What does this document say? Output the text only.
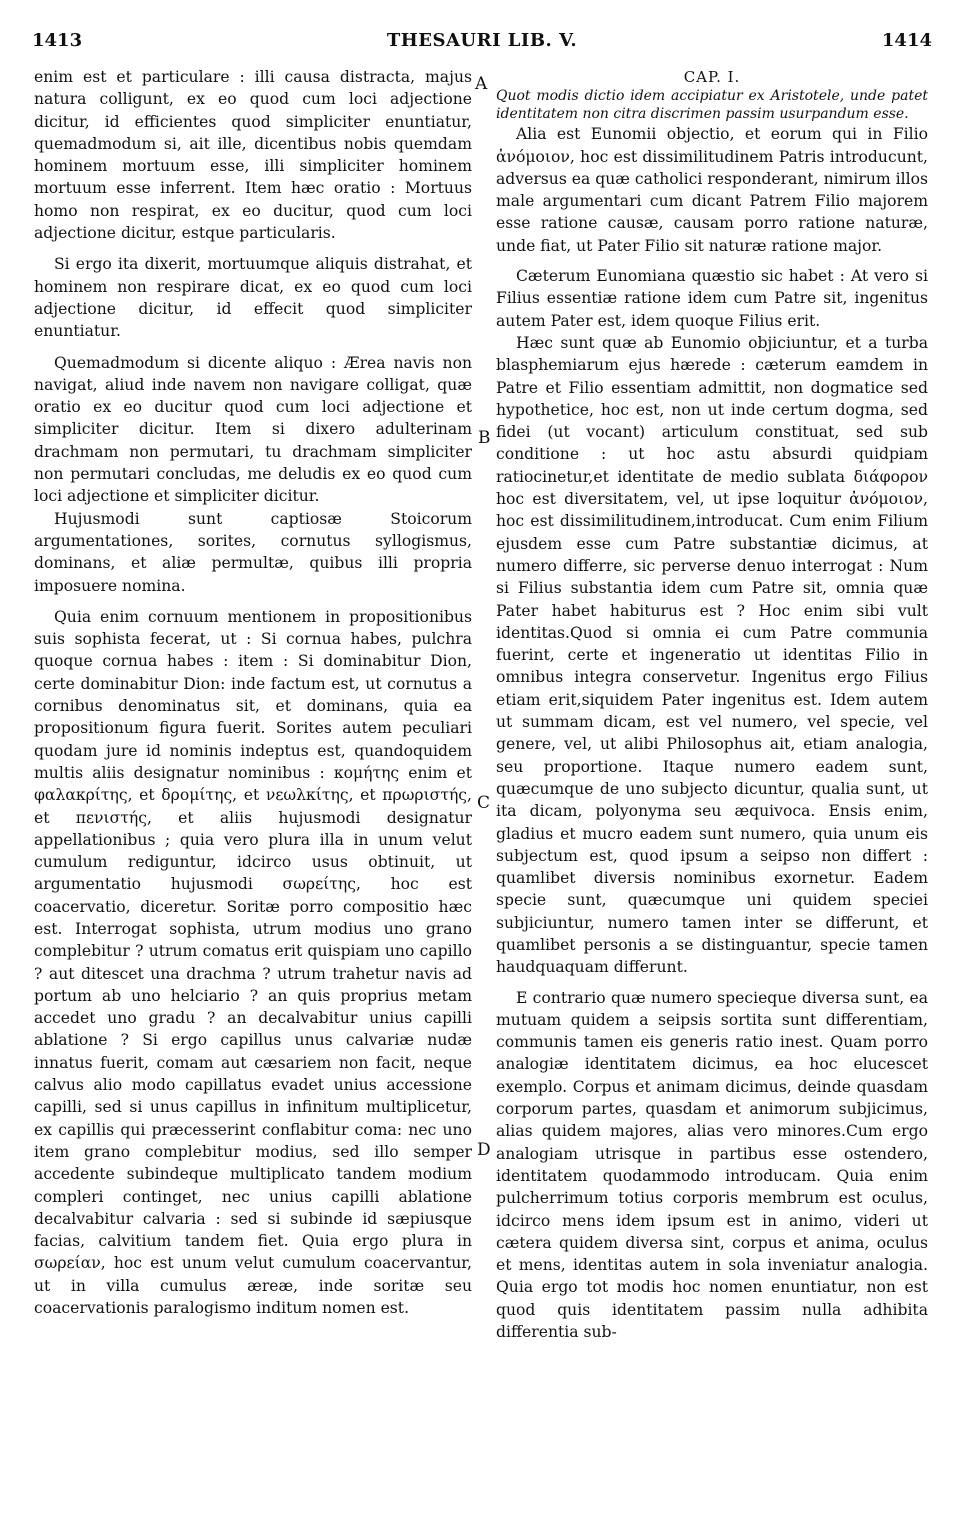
1413	THESAURI LIB. V.	1414
A
B
C
D

enim est et particulare : illi causa distracta, majus natura colligunt, ex eo quod cum loci adjectione dicitur, id efficientes quod simpliciter enuntiatur, quemadmodum si, ait ille, dicentibus nobis quemdam hominem mortuum esse, illi simpliciter hominem mortuum esse inferrent. Item hæc oratio : Mortuus homo non respirat, ex eo ducitur, quod cum loci adjectione dicitur, estque particularis.

Si ergo ita dixerit, mortuumque aliquis distrahat, et hominem non respirare dicat, ex eo quod cum loci adjectione dicitur, id effecit quod simpliciter enuntiatur.

Quemadmodum si dicente aliquo : Ærea navis non navigat, aliud inde navem non navigare colligat, quæ oratio ex eo ducitur quod cum loci adjectione et simpliciter dicitur. Item si dixero adulterinam drachmam non permutari, tu drachmam simpliciter non permutari concludas, me deludis ex eo quod cum loci adjectione et simpliciter dicitur.

Hujusmodi sunt captiosæ Stoicorum argumentationes, sorites, cornutus syllogismus, dominans, et aliæ permultæ, quibus illi propria imposuere nomina.

Quia enim cornuum mentionem in propositionibus suis sophista fecerat, ut : Si cornua habes, pulchra quoque cornua habes : item : Si dominabitur Dion, certe dominabitur Dion: inde factum est, ut cornutus a cornibus denominatus sit, et dominans, quia ea propositionum figura fuerit. Sorites autem peculiari quodam jure id nominis indeptus est, quandoquidem multis aliis designatur nominibus : κομήτης enim et φαλακρίτης, et δρομίτης, et νεωλκίτης, et πρωριστής, et πενιστής, et aliis hujusmodi designatur appellationibus ; quia vero plura illa in unum velut cumulum rediguntur, idcirco usus obtinuit, ut argumentatio hujusmodi σωρείτης, hoc est coacervatio, diceretur. Soritæ porro compositio hæc est. Interrogat sophista, utrum modius uno grano complebitur ? utrum comatus erit quispiam uno capillo ? aut ditescet una drachma ? utrum trahetur navis ad portum ab uno helciario ? an quis proprius metam accedet uno gradu ? an decalvabitur unius capilli ablatione ? Si ergo capillus unus calvariæ nudæ innatus fuerit, comam aut cæsariem non facit, neque calvus alio modo capillatus evadet unius accessione capilli, sed si unus capillus in infinitum multiplicetur, ex capillis qui præcesserint conflabitur coma: nec uno item grano complebitur modius, sed illo semper accedente subindeque multiplicato tandem modium compleri continget, nec unius capilli ablatione decalvabitur calvaria : sed si subinde id sæpiusque facias, calvitium tandem fiet. Quia ergo plura in σωρείαν, hoc est unum velut cumulum coacervantur, ut in villa cumulus æreæ, inde soritæ seu coacervationis paralogismo inditum nomen est.

CAP. I.

Quot modis dictio idem accipiatur ex Aristotele, unde patet identitatem non citra discrimen passim usurpandum esse.

Alia est Eunomii objectio, et eorum qui in Filio ἀνόμοιον, hoc est dissimilitudinem Patris introducunt, adversus ea quæ catholici responderant, nimirum illos male argumentari cum dicant Patrem Filio majorem esse ratione causæ, causam porro ratione naturæ, unde fiat, ut Pater Filio sit naturæ ratione major.

Cæterum Eunomiana quæstio sic habet : At vero si Filius essentiæ ratione idem cum Patre sit, ingenitus autem Pater est, idem quoque Filius erit.

Hæc sunt quæ ab Eunomio objiciuntur, et a turba blasphemiarum ejus hærede : cæterum eamdem in Patre et Filio essentiam admittit, non dogmatice sed hypothetice, hoc est, non ut inde certum dogma, sed fidei (ut vocant) articulum constituat, sed sub conditione : ut hoc astu absurdi quidpiam ratiocinetur,et identitate de medio sublata διάφορον hoc est diversitatem, vel, ut ipse loquitur ἀνόμοιον, hoc est dissimilitudinem,introducat. Cum enim Filium ejusdem esse cum Patre substantiæ dicimus, at numero differre, sic perverse denuo interrogat : Num si Filius substantia idem cum Patre sit, omnia quæ Pater habet habiturus est ? Hoc enim sibi vult identitas.Quod si omnia ei cum Patre communia fuerint, certe et ingeneratio ut identitas Filio in omnibus integra conservetur. Ingenitus ergo Filius etiam erit,siquidem Pater ingenitus est. Idem autem ut summam dicam, est vel numero, vel specie, vel genere, vel, ut alibi Philosophus ait, etiam analogia, seu proportione. Itaque numero eadem sunt, quæcumque de uno subjecto dicuntur, qualia sunt, ut ita dicam, polyonyma seu æquivoca. Ensis enim, gladius et mucro eadem sunt numero, quia unum eis subjectum est, quod ipsum a seipso non differt : quamlibet diversis nominibus exornetur. Eadem specie sunt, quæcumque uni quidem speciei subjiciuntur, numero tamen inter se differunt, et quamlibet personis a se distinguantur, specie tamen haudquaquam differunt.

E contrario quæ numero specieque diversa sunt, ea mutuam quidem a seipsis sortita sunt differentiam, communis tamen eis generis ratio inest. Quam porro analogiæ identitatem dicimus, ea hoc elucescet exemplo. Corpus et animam dicimus, deinde quasdam corporum partes, quasdam et animorum subjicimus, alias quidem majores, alias vero minores.Cum ergo analogiam utrisque in partibus esse ostendero, identitatem quodammodo introducam. Quia enim pulcherrimum totius corporis membrum est oculus, idcirco mens idem ipsum est in animo, videri ut cætera quidem diversa sint, corpus et anima, oculus et mens, identitas autem in sola inveniatur analogia. Quia ergo tot modis hoc nomen enuntiatur, non est quod quis identitatem passim nulla adhibita differentia sub-
